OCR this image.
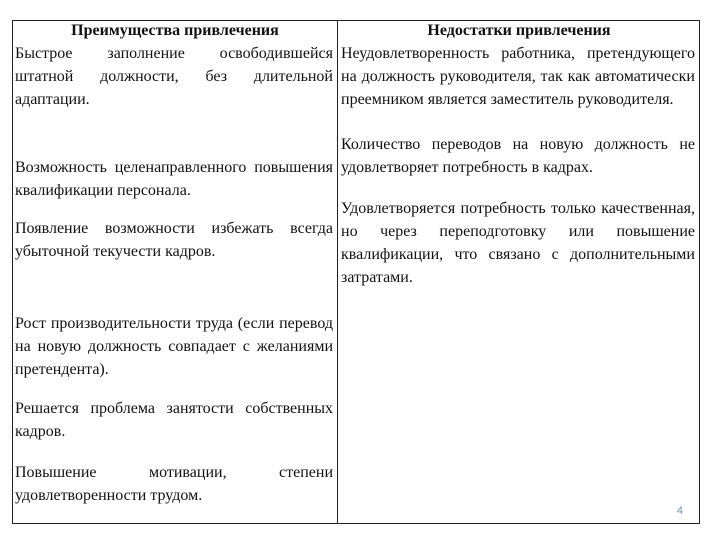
Преимущества привлечения	Недостатки привлечения
Быстрое заполнение освободившейся штатной должности, без длительной адаптации.
Возможность целенаправленного повышения квалификации персонала.
Появление возможности избежать всегда убыточной текучести кадров.
Рост производительности труда (если перевод на новую должность совпадает с желаниями претендента).
Решается проблема занятости собственных кадров.
Повышение мотивации, степени удовлетворенности трудом.
Неудовлетворенность работника, претендующего на должность руководителя, так как автоматически преемником является заместитель руководителя.
Количество переводов на новую должность не удовлетворяет потребность в кадрах.
Удовлетворяется потребность только качественная, но через переподготовку или повышение квалификации, что связано с дополнительными затратами.
4
